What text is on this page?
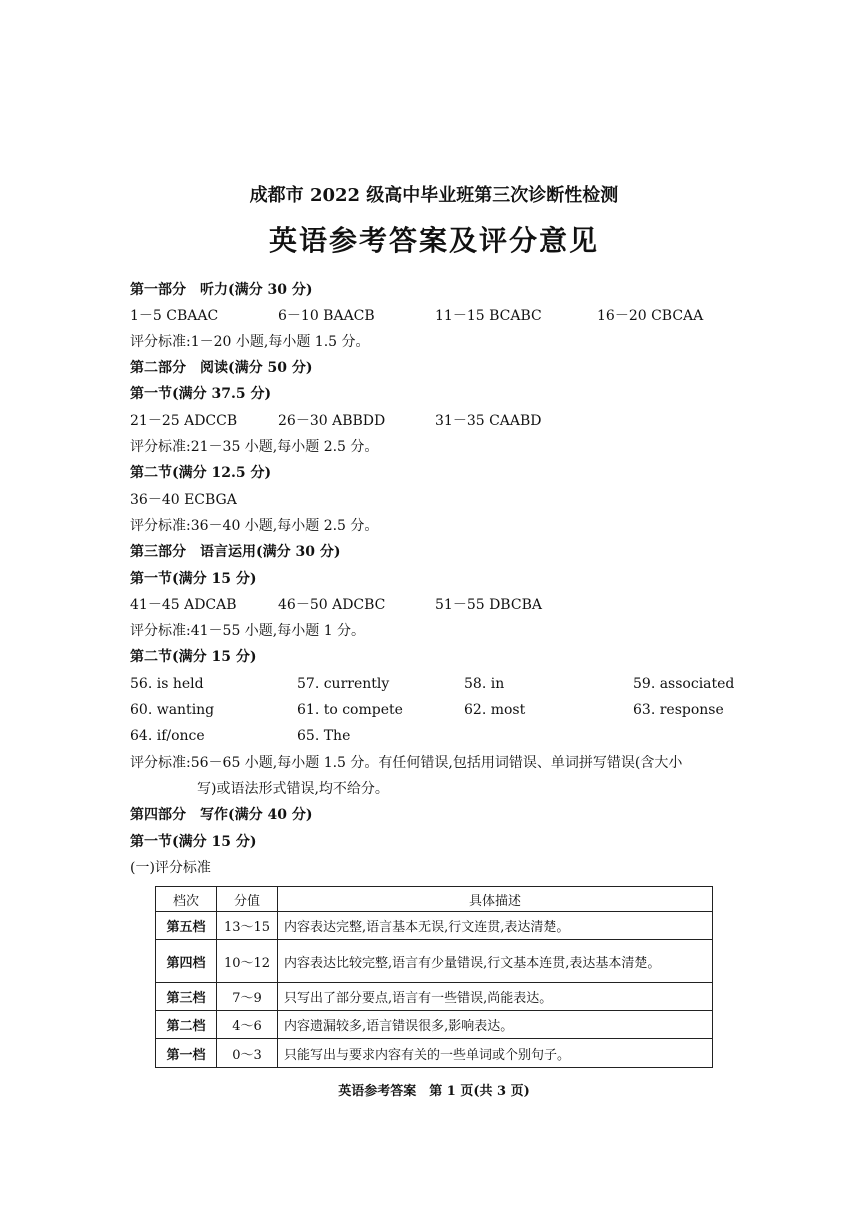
成都市 2022 级高中毕业班第三次诊断性检测
英语参考答案及评分意见
第一部分　听力(满分 30 分)
1－5 CBAAC	6－10 BAACB	11－15 BCABC	16－20 CBCAA
评分标准:1－20 小题,每小题 1.5 分。
第二部分　阅读(满分 50 分)
第一节(满分 37.5 分)
21－25 ADCCB	26－30 ABBDD	31－35 CAABD
评分标准:21－35 小题,每小题 2.5 分。
第二节(满分 12.5 分)
36－40 ECBGA
评分标准:36－40 小题,每小题 2.5 分。
第三部分　语言运用(满分 30 分)
第一节(满分 15 分)
41－45 ADCAB	46－50 ADCBC	51－55 DBCBA
评分标准:41－55 小题,每小题 1 分。
第二节(满分 15 分)
56. is held	57. currently	58. in	59. associated
60. wanting	61. to compete	62. most	63. response
64. if/once	65. The
评分标准:56－65 小题,每小题 1.5 分。有任何错误,包括用词错误、单词拼写错误(含大小
写)或语法形式错误,均不给分。
第四部分　写作(满分 40 分)
第一节(满分 15 分)
(一)评分标准
档次	分值	具体描述
第五档	13～15	内容表达完整,语言基本无误,行文连贯,表达清楚。
第四档	10～12	内容表达比较完整,语言有少量错误,行文基本连贯,表达基本清楚。
第三档	7～9	只写出了部分要点,语言有一些错误,尚能表达。
第二档	4～6	内容遗漏较多,语言错误很多,影响表达。
第一档	0～3	只能写出与要求内容有关的一些单词或个别句子。
英语参考答案　第 1 页(共 3 页)
